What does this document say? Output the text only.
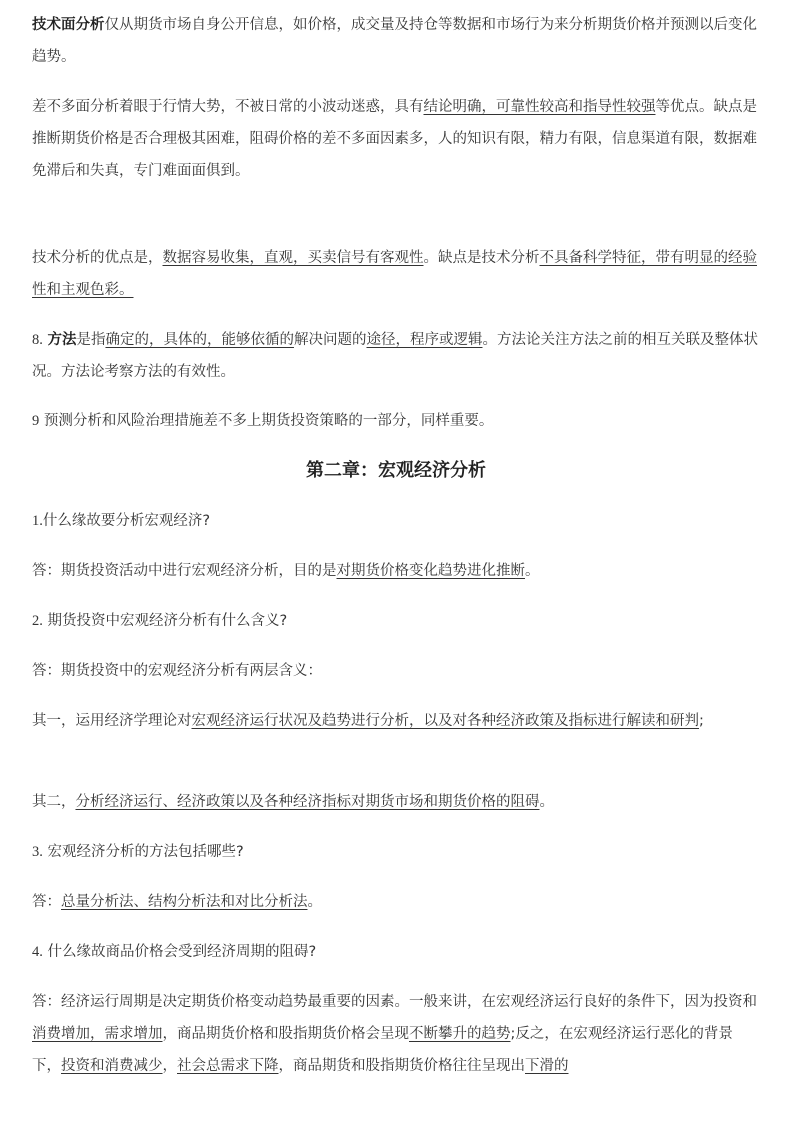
技术面分析仅从期货市场自身公开信息，如价格，成交量及持仓等数据和市场行为来分析期货价格并预测以后变化趋势。

差不多面分析着眼于行情大势，不被日常的小波动迷惑，具有结论明确，可靠性较高和指导性较强等优点。缺点是推断期货价格是否合理极其困难，阻碍价格的差不多面因素多，人的知识有限，精力有限，信息渠道有限，数据难免滞后和失真，专门难面面俱到。

技术分析的优点是，数据容易收集，直观，买卖信号有客观性。缺点是技术分析不具备科学特征，带有明显的经验性和主观色彩。

8. 方法是指确定的，具体的，能够依循的解决问题的途径，程序或逻辑。方法论关注方法之前的相互关联及整体状况。方法论考察方法的有效性。

9 预测分析和风险治理措施差不多上期货投资策略的一部分，同样重要。

第二章：宏观经济分析

1.什么缘故要分析宏观经济?

答：期货投资活动中进行宏观经济分析，目的是对期货价格变化趋势进化推断。

2. 期货投资中宏观经济分析有什么含义?

答：期货投资中的宏观经济分析有两层含义：

其一，运用经济学理论对宏观经济运行状况及趋势进行分析，以及对各种经济政策及指标进行解读和研判;

其二，分析经济运行、经济政策以及各种经济指标对期货市场和期货价格的阻碍。

3. 宏观经济分析的方法包括哪些?

答：总量分析法、结构分析法和对比分析法。

4. 什么缘故商品价格会受到经济周期的阻碍?

答：经济运行周期是决定期货价格变动趋势最重要的因素。一般来讲，在宏观经济运行良好的条件下，因为投资和消费增加，需求增加，商品期货价格和股指期货价格会呈现不断攀升的趋势;反之，在宏观经济运行恶化的背景下，投资和消费减少，社会总需求下降，商品期货和股指期货价格往往呈现出下滑的
